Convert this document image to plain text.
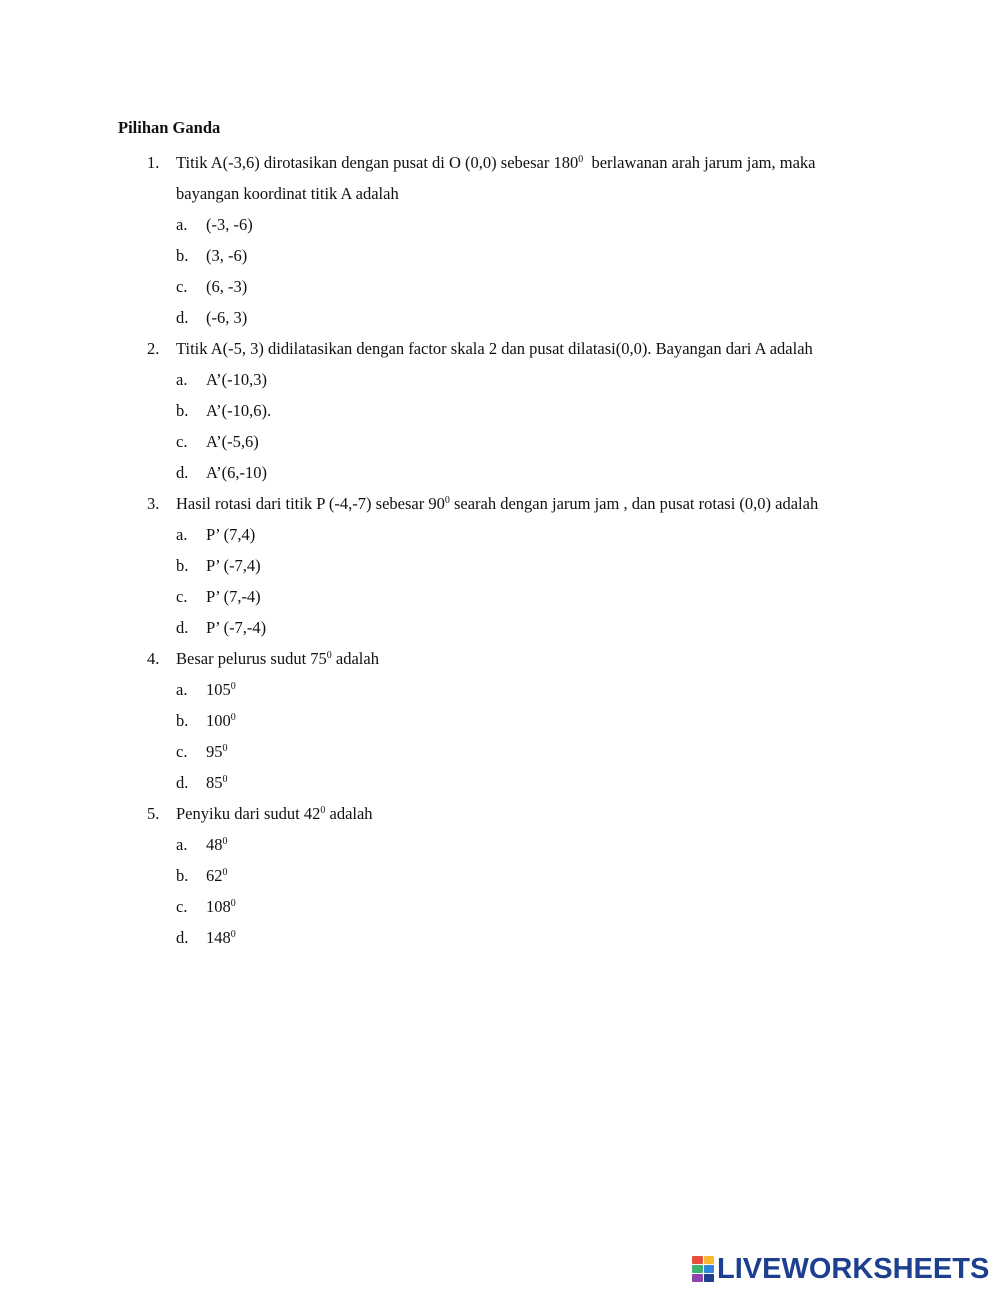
Pilihan Ganda
1. Titik A(-3,6) dirotasikan dengan pusat di O (0,0) sebesar $180^0$  berlawanan arah jarum jam, maka
bayangan koordinat titik A adalah
a. (-3, -6)
b. (3, -6)
c. (6, -3)
d. (-6, 3)
2. Titik A(-5, 3) didilatasikan dengan factor skala 2 dan pusat dilatasi(0,0). Bayangan dari A adalah
a. A’(-10,3)
b. A’(-10,6).
c. A’(-5,6)
d. A’(6,-10)
3. Hasil rotasi dari titik P (-4,-7) sebesar $90^0$ searah dengan jarum jam , dan pusat rotasi (0,0) adalah
a. P’ (7,4)
b. P’ (-7,4)
c. P’ (7,-4)
d. P’ (-7,-4)
4. Besar pelurus sudut $75^0$ adalah
a. $105^0$
b. $100^0$
c. $95^0$
d. $85^0$
5. Penyiku dari sudut $42^0$ adalah
a. $48^0$
b. $62^0$
c. $108^0$
d. $148^0$
LIVEWORKSHEETS
